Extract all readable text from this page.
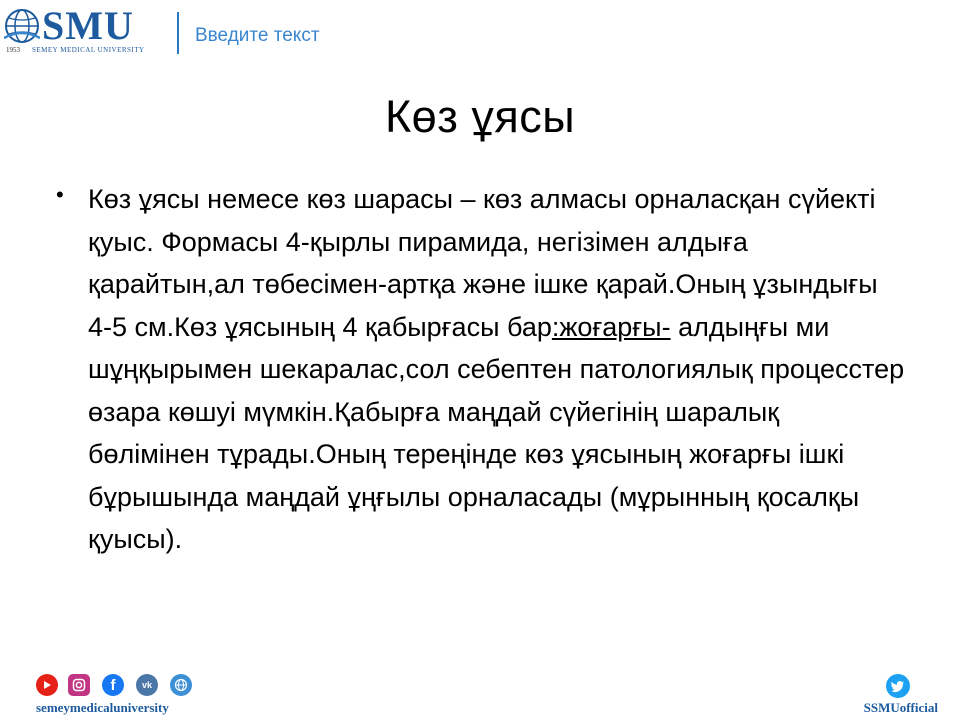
SMU
1953 SEMEY MEDICAL UNIVERSITY
Введите текст
Көз ұясы
• Көз ұясы немесе көз шарасы – көз алмасы орналасқан сүйекті қуыс. Формасы 4-қырлы пирамида, негізімен алдыға қарайтын,ал төбесімен-артқа және ішке қарай.Оның ұзындығы 4-5 см.Көз ұясының 4 қабырғасы бар:жоғарғы- алдыңғы ми шұңқырымен шекаралас,сол себептен патологиялық процесстер өзара көшуі мүмкін.Қабырға маңдай сүйегінің шаралық бөлімінен тұрады.Оның тереңінде көз ұясының жоғарғы ішкі бұрышында маңдай ұңғылы орналасады (мұрынның қосалқы қуысы).

f	vk
semeymedicaluniversity	SSMUofficial
